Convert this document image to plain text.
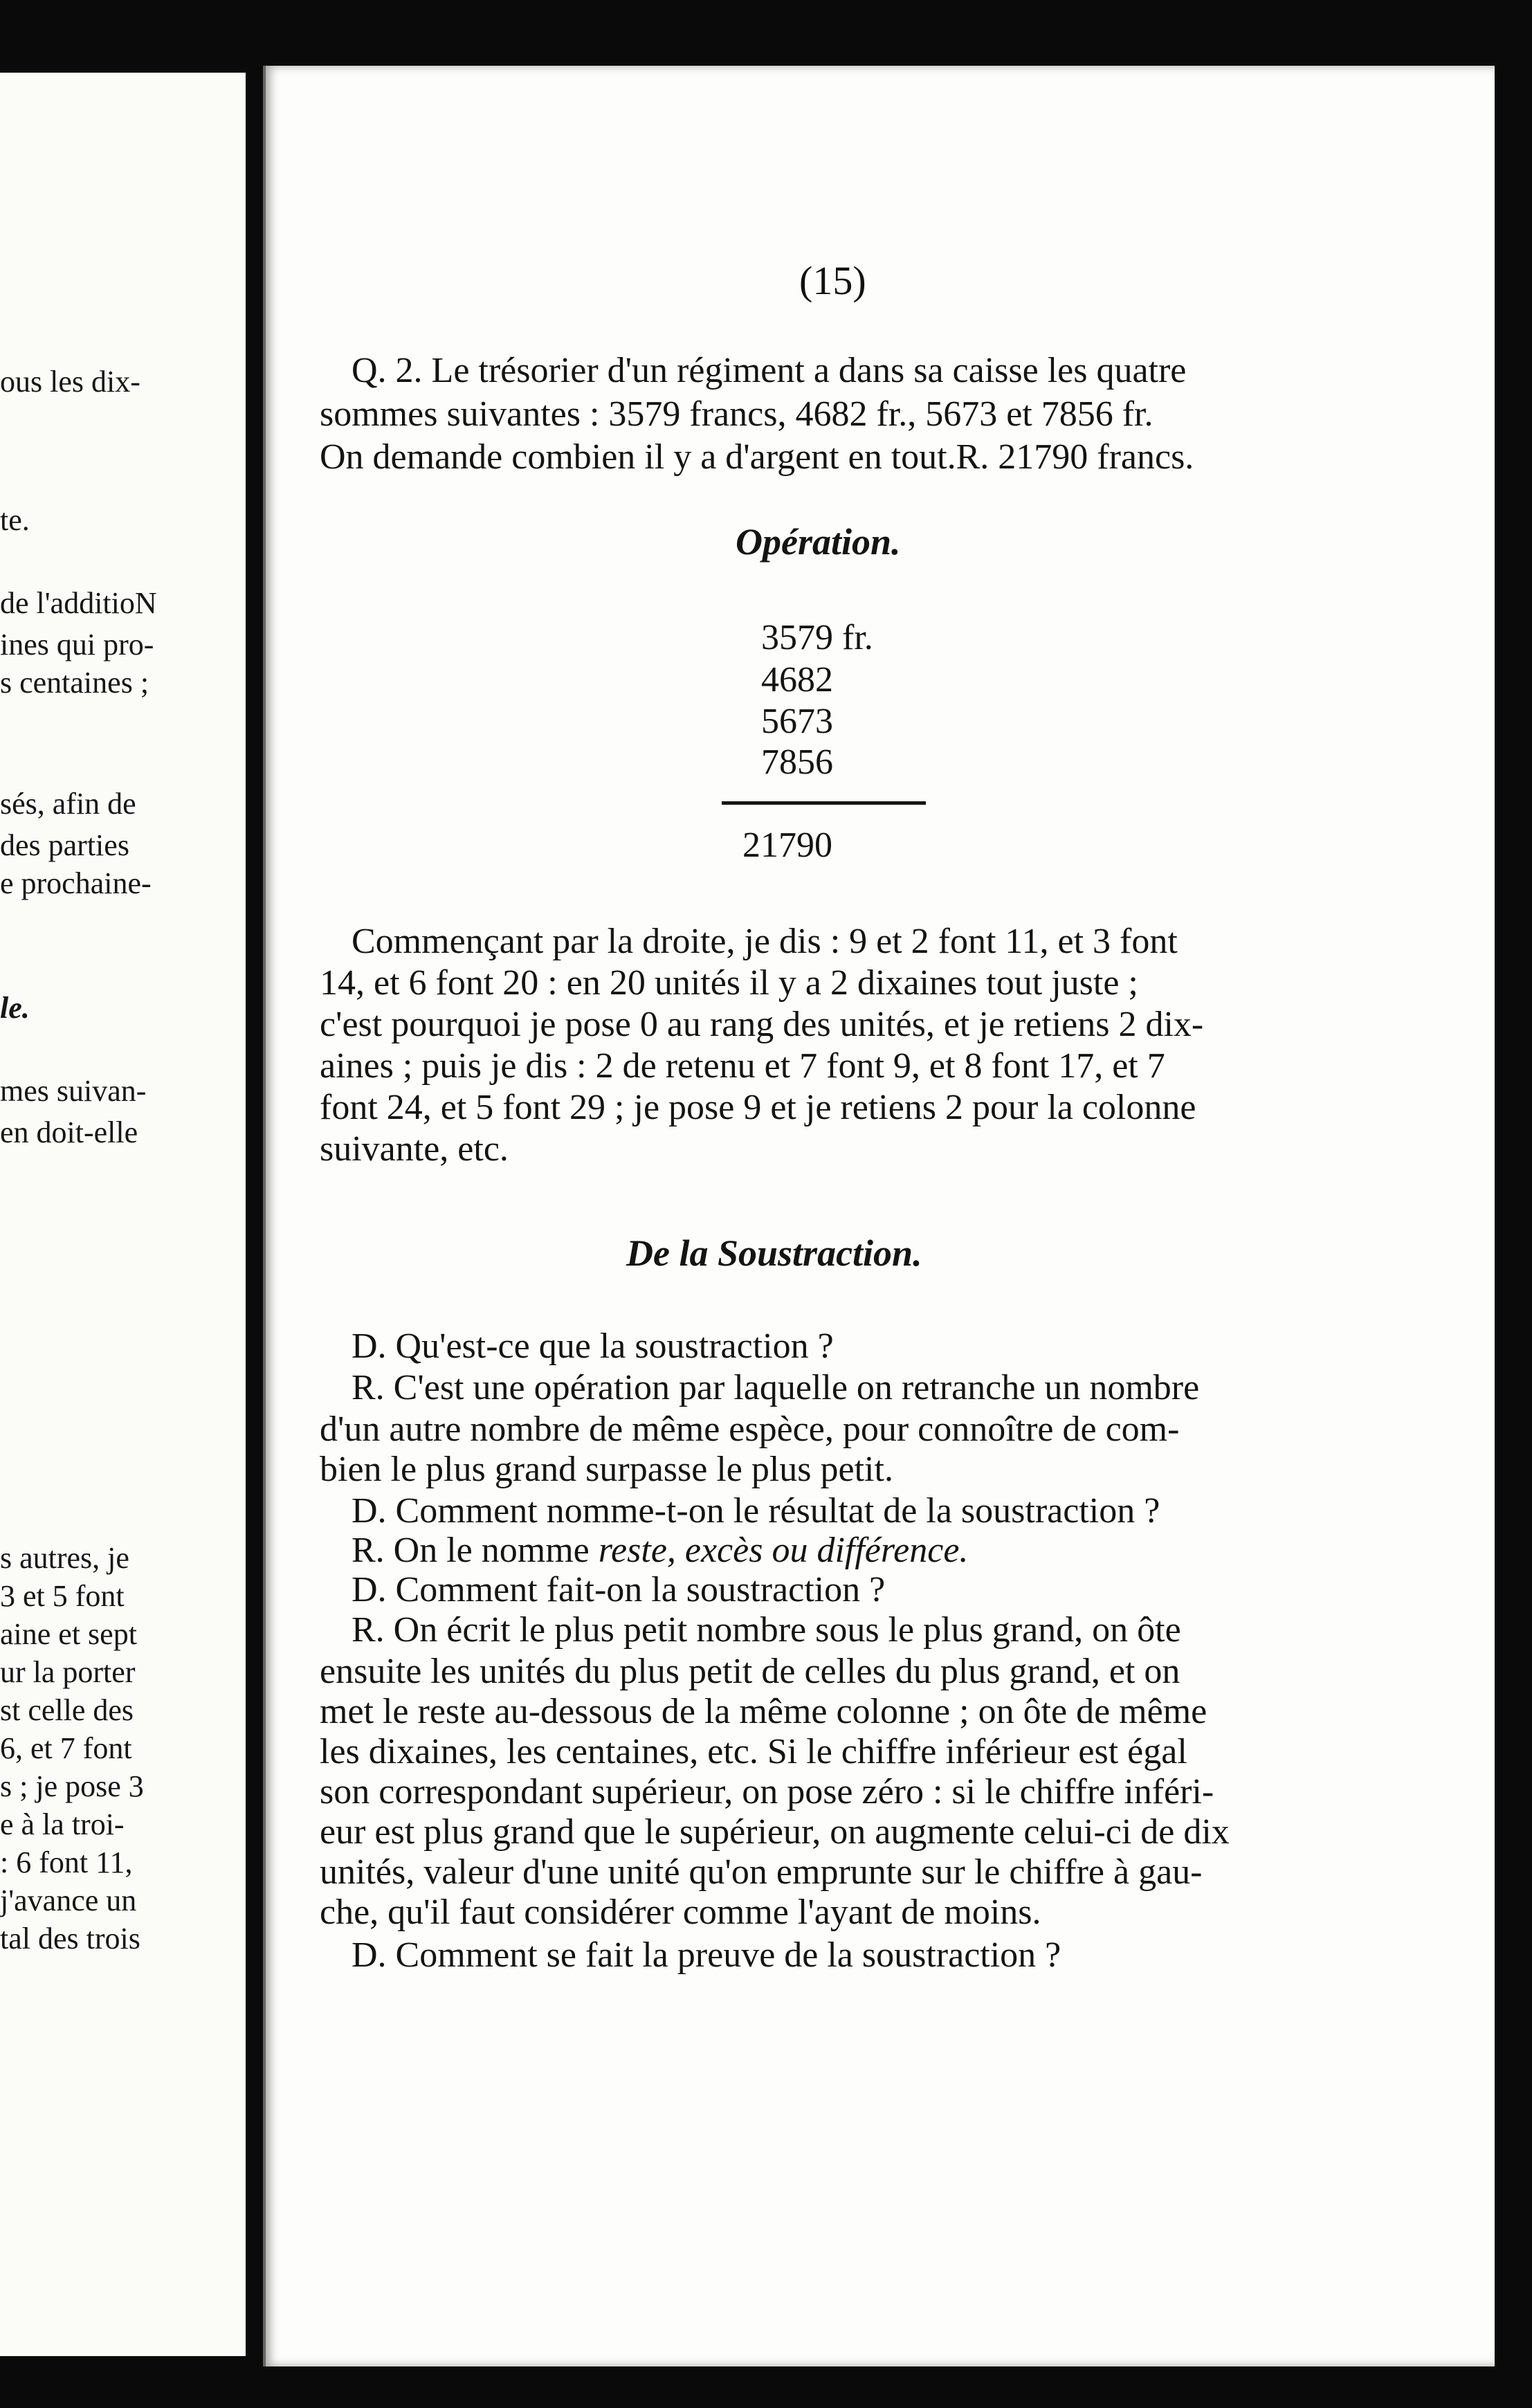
ous les dix-
te.
de l'additioN
ines qui pro-
s centaines ;
sés, afin de
des parties
e prochaine-
le.
mes suivan-
en doit-elle
s autres, je
3 et 5 font
aine et sept
ur la porter
st celle des
6, et 7 font
s ; je pose 3
e à la troi-
: 6 font 11,
j'avance un
tal des trois
(15)
Q. 2. Le trésorier d'un régiment a dans sa caisse les quatre
sommes suivantes : 3579 francs, 4682 fr., 5673 et 7856 fr.
On demande combien il y a d'argent en tout.R. 21790 francs.
Opération.
3579 fr.
4682
5673
7856
21790
Commençant par la droite, je dis : 9 et 2 font 11, et 3 font
14, et 6 font 20 : en 20 unités il y a 2 dixaines tout juste ;
c'est pourquoi je pose 0 au rang des unités, et je retiens 2 dix-
aines ; puis je dis : 2 de retenu et 7 font 9, et 8 font 17, et 7
font 24, et 5 font 29 ; je pose 9 et je retiens 2 pour la colonne
suivante, etc.
De la Soustraction.
D. Qu'est-ce que la soustraction ?
R. C'est une opération par laquelle on retranche un nombre
d'un autre nombre de même espèce, pour connoître de com-
bien le plus grand surpasse le plus petit.
D. Comment nomme-t-on le résultat de la soustraction ?
R. On le nomme reste, excès ou différence.
D. Comment fait-on la soustraction ?
R. On écrit le plus petit nombre sous le plus grand, on ôte
ensuite les unités du plus petit de celles du plus grand, et on
met le reste au-dessous de la même colonne ; on ôte de même
les dixaines, les centaines, etc. Si le chiffre inférieur est égal
son correspondant supérieur, on pose zéro : si le chiffre inféri-
eur est plus grand que le supérieur, on augmente celui-ci de dix
unités, valeur d'une unité qu'on emprunte sur le chiffre à gau-
che, qu'il faut considérer comme l'ayant de moins.
D. Comment se fait la preuve de la soustraction ?
